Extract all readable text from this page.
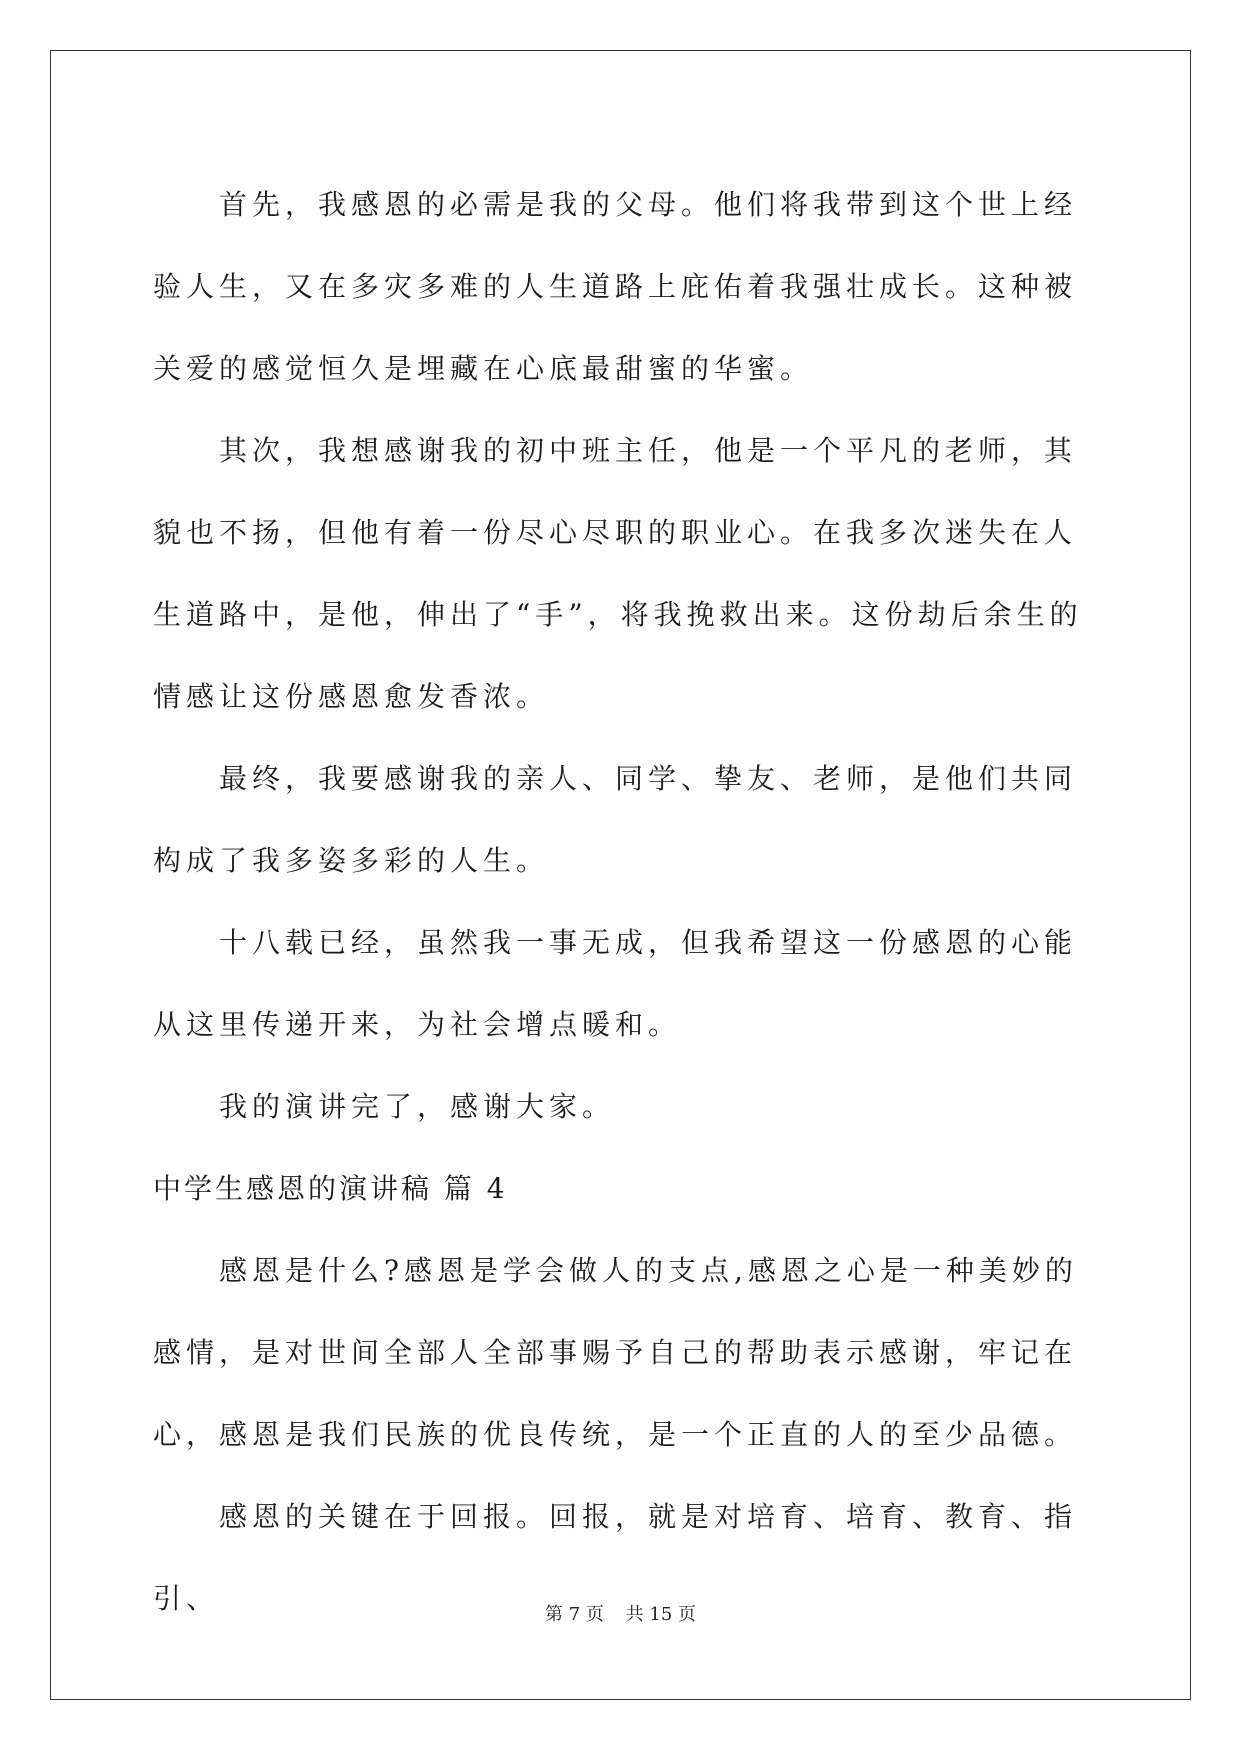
首先，我感恩的必需是我的父母。他们将我带到这个世上经验人生，又在多灾多难的人生道路上庇佑着我强壮成长。这种被关爱的感觉恒久是埋藏在心底最甜蜜的华蜜。

其次，我想感谢我的初中班主任，他是一个平凡的老师，其貌也不扬，但他有着一份尽心尽职的职业心。在我多次迷失在人生道路中，是他，伸出了“手”，将我挽救出来。这份劫后余生的情感让这份感恩愈发香浓。

最终，我要感谢我的亲人、同学、挚友、老师，是他们共同构成了我多姿多彩的人生。

十八载已经，虽然我一事无成，但我希望这一份感恩的心能从这里传递开来，为社会增点暖和。

我的演讲完了，感谢大家。

中学生感恩的演讲稿 篇 4

感恩是什么?感恩是学会做人的支点,感恩之心是一种美妙的感情，是对世间全部人全部事赐予自己的帮助表示感谢，牢记在心，感恩是我们民族的优良传统，是一个正直的人的至少品德。

感恩的关键在于回报。回报，就是对培育、培育、教育、指引、	第 7 页 共 15 页
